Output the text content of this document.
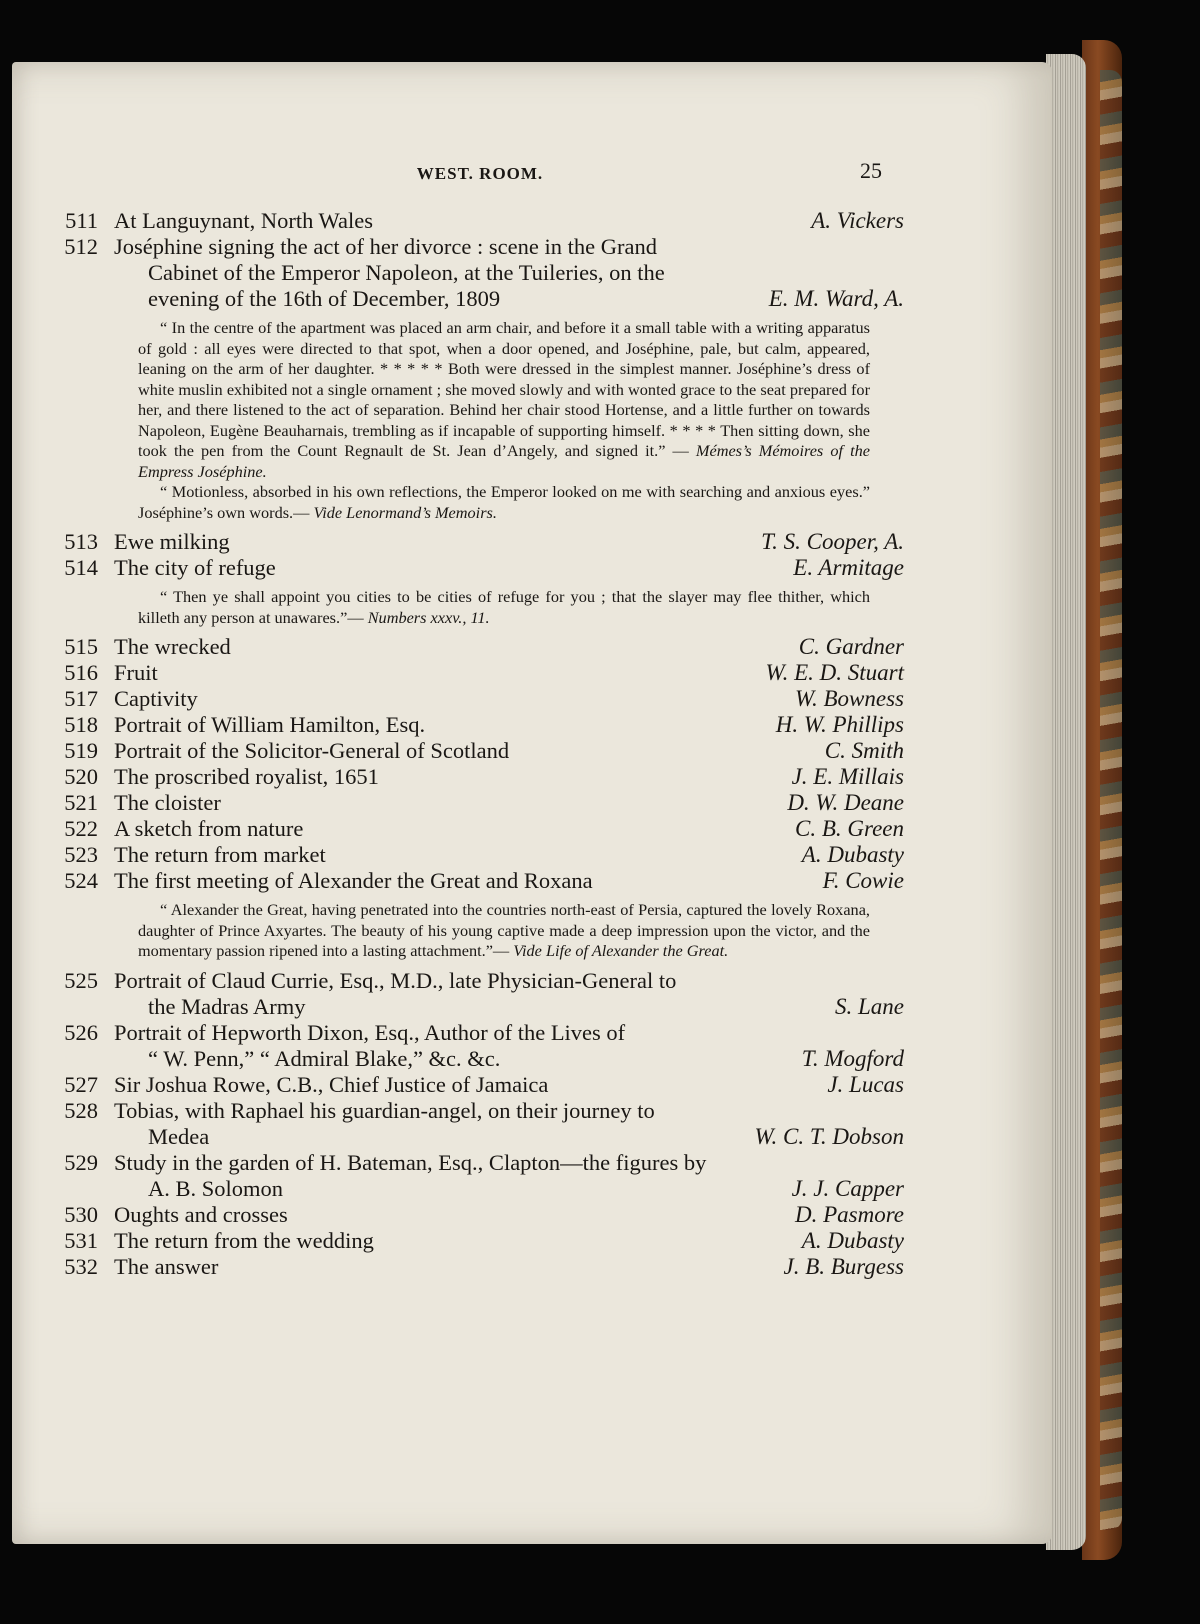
WEST. ROOM.	25
511 At Languynant, North Wales	A. Vickers
512 Joséphine signing the act of her divorce : scene in the Grand
Cabinet of the Emperor Napoleon, at the Tuileries, on the
evening of the 16th of December, 1809	E. M. Ward, A.
“ In the centre of the apartment was placed an arm chair, and before it a small table with a writing apparatus of gold : all eyes were directed to that spot, when a door opened, and Joséphine, pale, but calm, appeared, leaning on the arm of her daughter. * * * * * Both were dressed in the simplest manner. Joséphine’s dress of white muslin exhibited not a single ornament ; she moved slowly and with wonted grace to the seat prepared for her, and there listened to the act of separation. Behind her chair stood Hortense, and a little further on towards Napoleon, Eugène Beauharnais, trembling as if incapable of supporting himself. * * * * Then sitting down, she took the pen from the Count Regnault de St. Jean d’Angely, and signed it.” — Mémes’s Mémoires of the Empress Joséphine.
“ Motionless, absorbed in his own reflections, the Emperor looked on me with searching and anxious eyes.” Joséphine’s own words.— Vide Lenormand’s Memoirs.
513 Ewe milking	T. S. Cooper, A.
514 The city of refuge	E. Armitage
“ Then ye shall appoint you cities to be cities of refuge for you ; that the slayer may flee thither, which killeth any person at unawares.”— Numbers xxxv., 11.
515 The wrecked	C. Gardner
516 Fruit	W. E. D. Stuart
517 Captivity	W. Bowness
518 Portrait of William Hamilton, Esq.	H. W. Phillips
519 Portrait of the Solicitor-General of Scotland	C. Smith
520 The proscribed royalist, 1651	J. E. Millais
521 The cloister	D. W. Deane
522 A sketch from nature	C. B. Green
523 The return from market	A. Dubasty
524 The first meeting of Alexander the Great and Roxana	F. Cowie
“ Alexander the Great, having penetrated into the countries north-east of Persia, captured the lovely Roxana, daughter of Prince Axyartes. The beauty of his young captive made a deep impression upon the victor, and the momentary passion ripened into a lasting attachment.”— Vide Life of Alexander the Great.
525 Portrait of Claud Currie, Esq., M.D., late Physician-General to
the Madras Army	S. Lane
526 Portrait of Hepworth Dixon, Esq., Author of the Lives of
“ W. Penn,” “ Admiral Blake,” &c. &c.	T. Mogford
527 Sir Joshua Rowe, C.B., Chief Justice of Jamaica	J. Lucas
528 Tobias, with Raphael his guardian-angel, on their journey to
Medea	W. C. T. Dobson
529 Study in the garden of H. Bateman, Esq., Clapton—the figures by
A. B. Solomon	J. J. Capper
530 Oughts and crosses	D. Pasmore
531 The return from the wedding	A. Dubasty
532 The answer	J. B. Burgess
